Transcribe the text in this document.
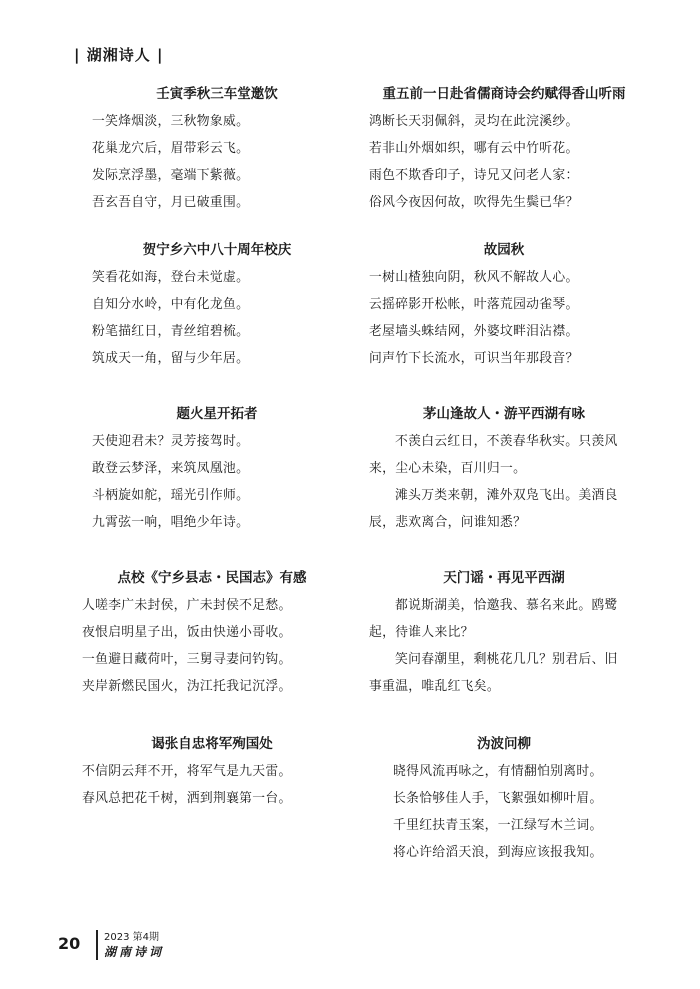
| 湖湘诗人 |
壬寅季秋三车堂邀饮
一笑烽烟淡，三秋物象威。
花巢龙穴后，眉带彩云飞。
发际烹浮墨，毫端下紫薇。
吾玄吾自守，月已破重围。
贺宁乡六中八十周年校庆
笑看花如海，登台未觉虚。
自知分水岭，中有化龙鱼。
粉笔描红日，青丝绾碧梳。
筑成天一角，留与少年居。
题火星开拓者
天使迎君未？灵芳接驾时。
敢登云梦泽，来筑凤凰池。
斗柄旋如舵，瑶光引作师。
九霄弦一响，唱绝少年诗。
点校《宁乡县志・民国志》有感
人嗟李广未封侯，广未封侯不足愁。
夜恨启明星子出，饭由快递小哥收。
一鱼避日藏荷叶，三舅寻妻问钓钩。
夹岸新燃民国火，沩江托我记沉浮。
谒张自忠将军殉国处
不信阴云拜不开，将军气是九天雷。
春风总把花千树，洒到荆襄第一台。
重五前一日赴省儒商诗会约赋得香山听雨
鸿断长天羽佩斜，灵均在此浣溪纱。
若非山外烟如织，哪有云中竹听花。
雨色不欺香印子，诗兄又问老人家：
俗风今夜因何故，吹得先生鬓已华？
故园秋
一树山楂独向阴，秋风不解故人心。
云摇碎影开松帐，叶落荒园动雀琴。
老屋墙头蛛结网，外婆坟畔泪沾襟。
问声竹下长流水，可识当年那段音？
茅山逢故人・游平西湖有咏
不羡白云红日，不羡春华秋实。只羡风
来，尘心未染，百川归一。
滩头万类来朝，滩外双凫飞出。美酒良
辰，悲欢离合，问谁知悉？
天门谣・再见平西湖
都说斯湖美，恰邀我、慕名来此。鸥鹭
起，待谁人来比？
笑问春潮里，剩桃花几几？别君后、旧
事重温，唯乱红飞矣。
沩波问柳
晓得风流再咏之，有情翻怕别离时。
长条恰够佳人手，飞絮强如柳叶眉。
千里红扶青玉案，一江绿写木兰词。
将心许给滔天浪，到海应该报我知。
20 2023 第4期
湖南诗词
